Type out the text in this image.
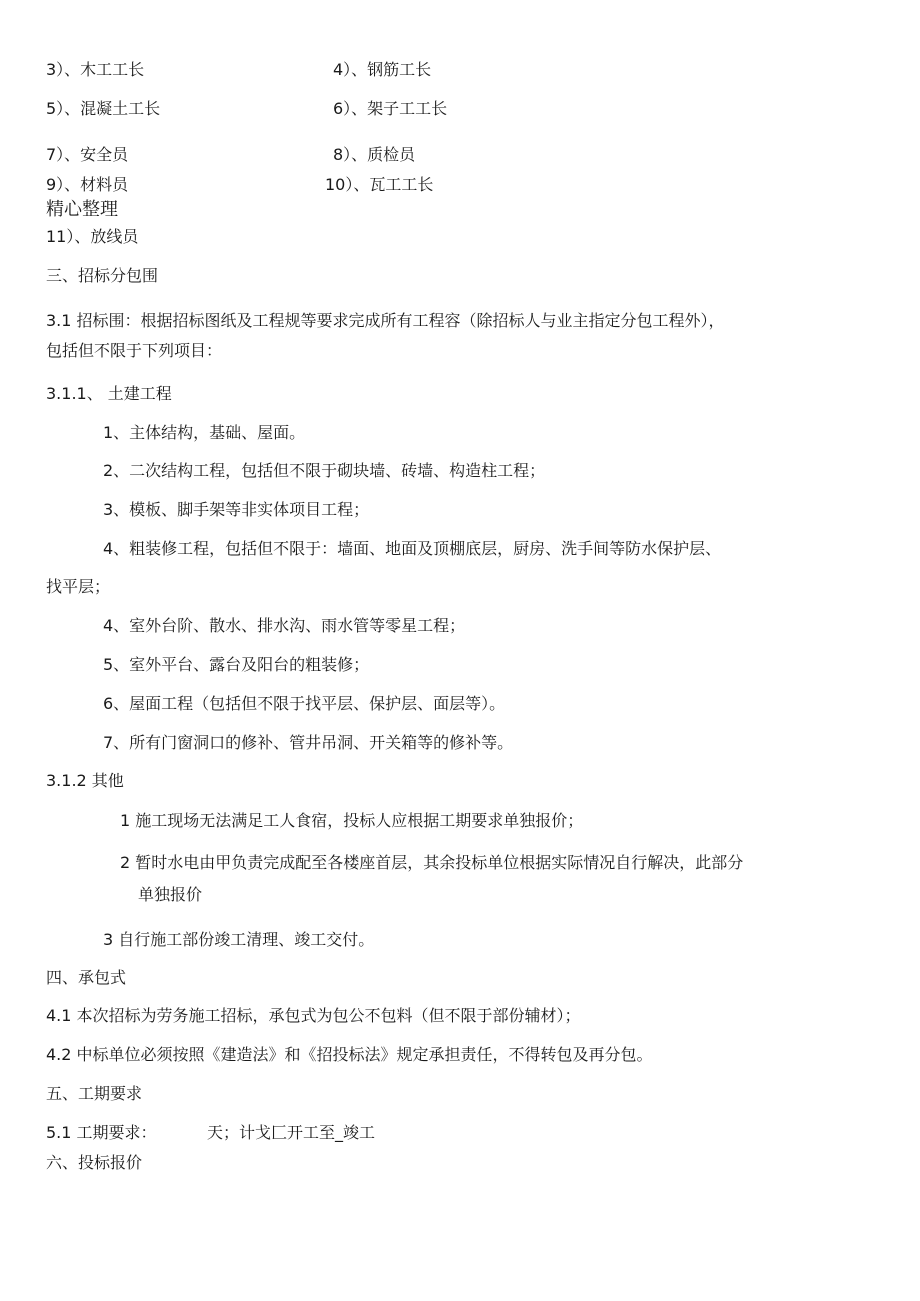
3）、木工工长	4）、钢筋工长
5）、混凝土工长	6）、架子工工长
7）、安全员	8）、质检员
9）、材料员	10）、瓦工工长
精心整理
11）、放线员
三、招标分包围
3.1 招标围：根据招标图纸及工程规等要求完成所有工程容（除招标人与业主指定分包工程外），
包括但不限于下列项目：
3.1.1、 土建工程
1、主体结构，基础、屋面。
2、二次结构工程，包括但不限于砌块墙、砖墙、构造柱工程；
3、模板、脚手架等非实体项目工程；
4、粗装修工程，包括但不限于：墙面、地面及顶棚底层，厨房、洗手间等防水保护层、
找平层；
4、室外台阶、散水、排水沟、雨水管等零星工程；
5、室外平台、露台及阳台的粗装修；
6、屋面工程（包括但不限于找平层、保护层、面层等）。
7、所有门窗洞口的修补、管井吊洞、开关箱等的修补等。
3.1.2 其他
1 施工现场无法满足工人食宿，投标人应根据工期要求单独报价；
2 暂时水电由甲负责完成配至各楼座首层，其余投标单位根据实际情况自行解决，此部分
单独报价
3 自行施工部份竣工清理、竣工交付。
四、承包式
4.1 本次招标为劳务施工招标，承包式为包公不包料（但不限于部份辅材）；
4.2 中标单位必须按照《建造法》和《招投标法》规定承担责任，不得转包及再分包。
五、工期要求
5.1 工期要求：	天；计戈匚开工至_竣工
六、投标报价
